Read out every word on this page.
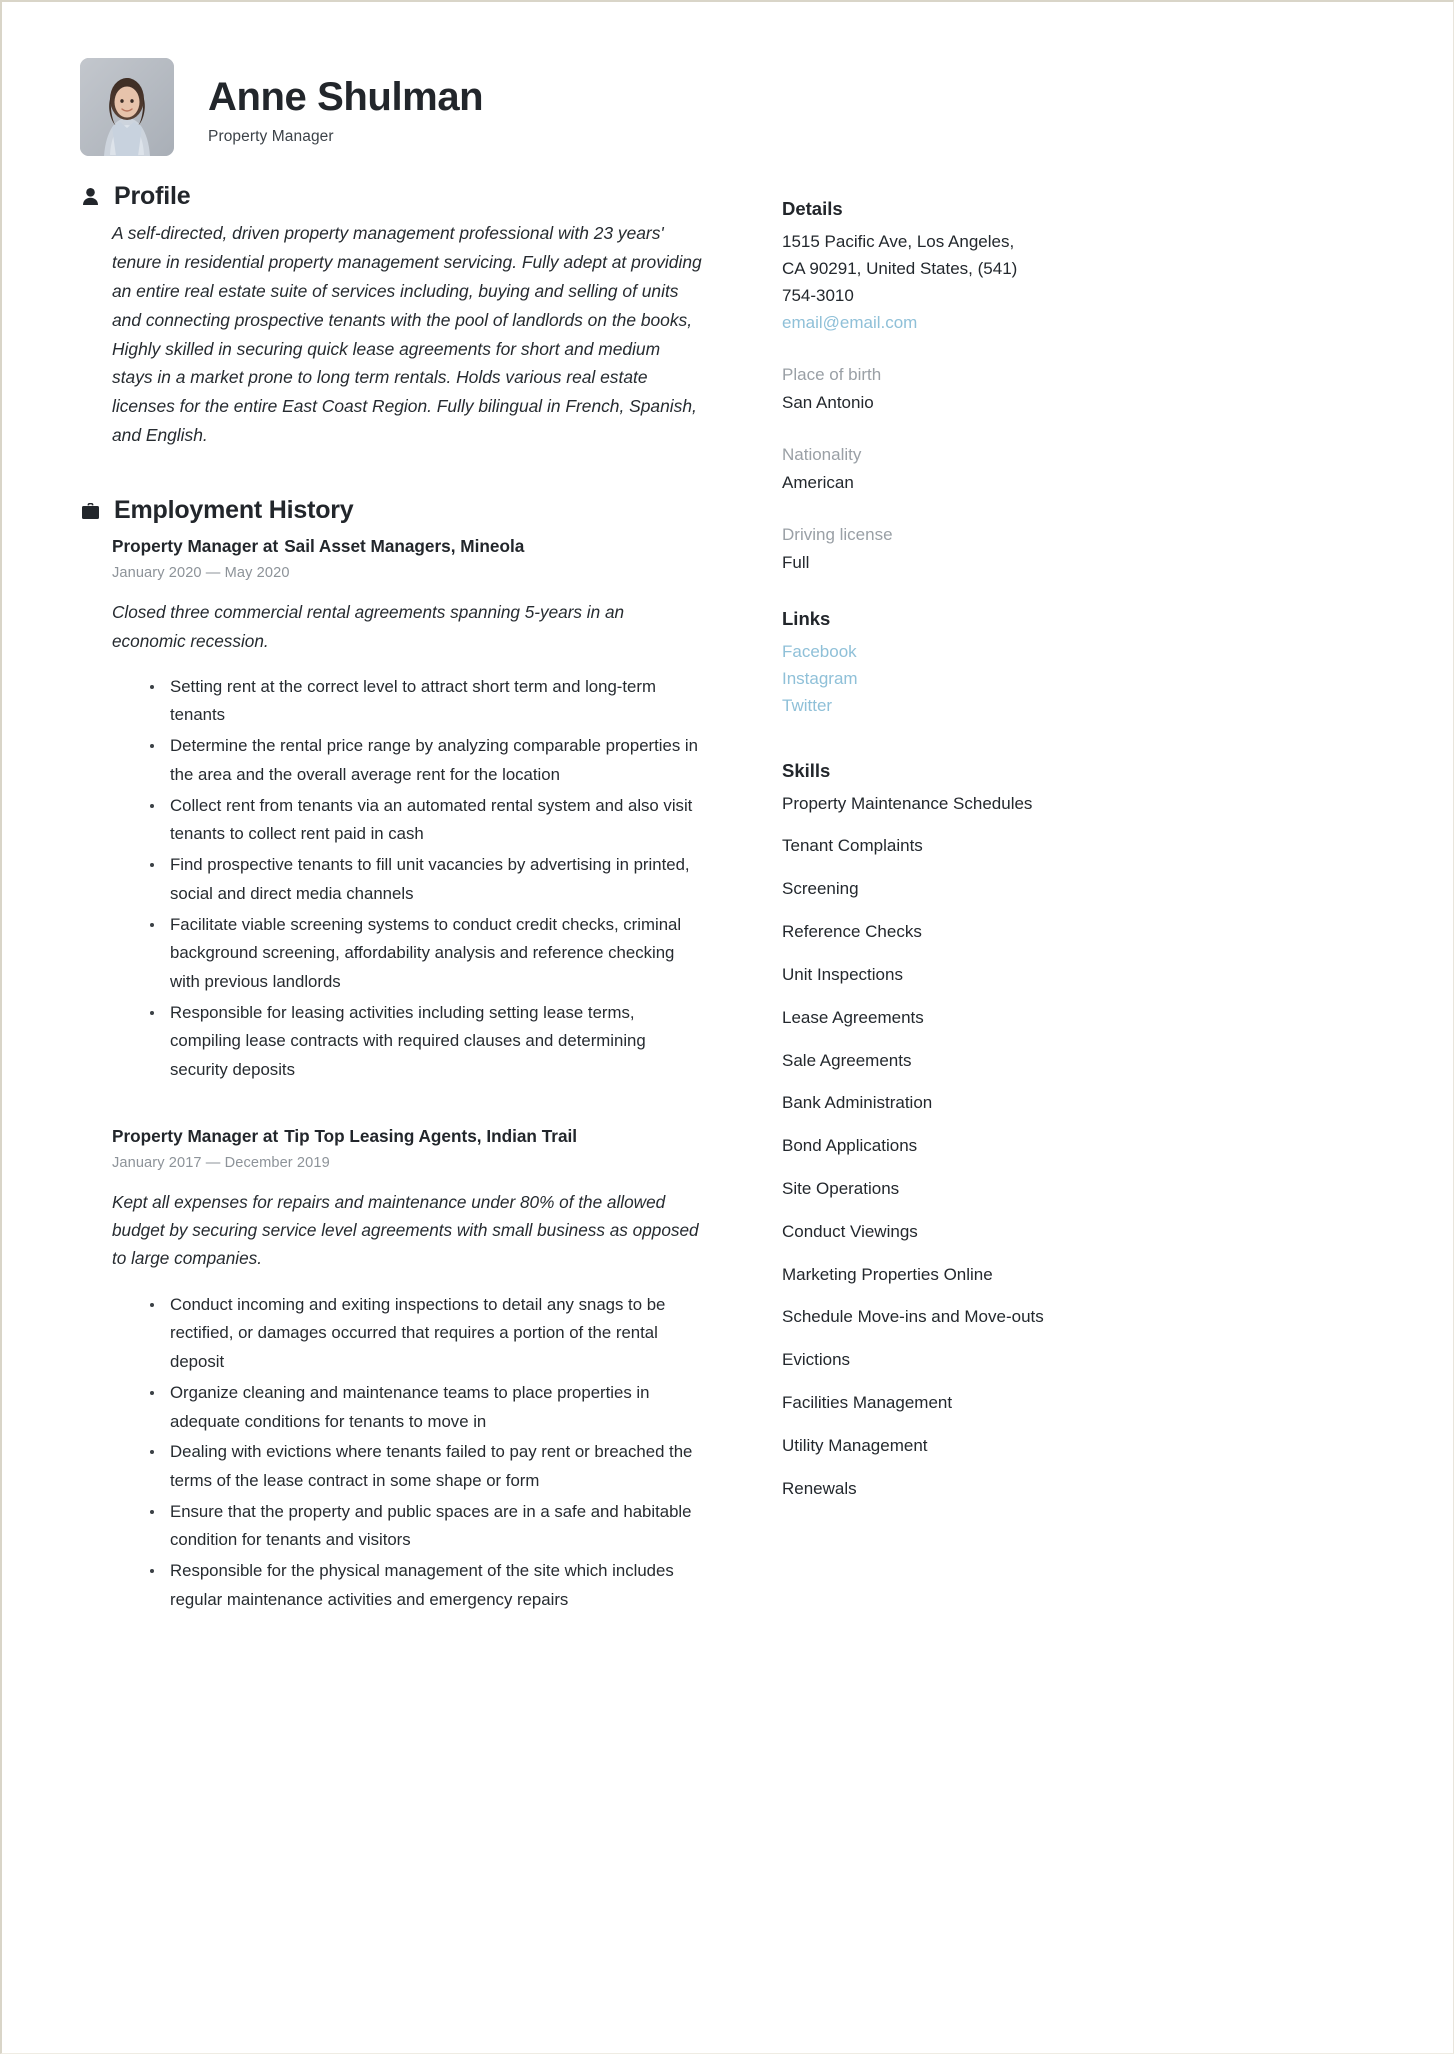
Anne Shulman
Property Manager
Profile
A self-directed, driven property management professional with 23 years' tenure in residential property management servicing. Fully adept at providing an entire real estate suite of services including, buying and selling of units and connecting prospective tenants with the pool of landlords on the books, Highly skilled in securing quick lease agreements for short and medium stays in a market prone to long term rentals. Holds various real estate licenses for the entire East Coast Region. Fully bilingual in French, Spanish, and English.
Employment History
Property Manager at Sail Asset Managers, Mineola
January 2020 — May 2020
Closed three commercial rental agreements spanning 5-years in an economic recession.
Setting rent at the correct level to attract short term and long-term tenants
Determine the rental price range by analyzing comparable properties in the area and the overall average rent for the location
Collect rent from tenants via an automated rental system and also visit tenants to collect rent paid in cash
Find prospective tenants to fill unit vacancies by advertising in printed, social and direct media channels
Facilitate viable screening systems to conduct credit checks, criminal background screening, affordability analysis and reference checking with previous landlords
Responsible for leasing activities including setting lease terms, compiling lease contracts with required clauses and determining security deposits
Property Manager at Tip Top Leasing Agents, Indian Trail
January 2017 — December 2019
Kept all expenses for repairs and maintenance under 80% of the allowed budget by securing service level agreements with small business as opposed to large companies.
Conduct incoming and exiting inspections to detail any snags to be rectified, or damages occurred that requires a portion of the rental deposit
Organize cleaning and maintenance teams to place properties in adequate conditions for tenants to move in
Dealing with evictions where tenants failed to pay rent or breached the terms of the lease contract in some shape or form
Ensure that the property and public spaces are in a safe and habitable condition for tenants and visitors
Responsible for the physical management of the site which includes regular maintenance activities and emergency repairs
Details
1515 Pacific Ave, Los Angeles,
CA 90291, United States, (541)
754-3010
email@email.com
Place of birth
San Antonio
Nationality
American
Driving license
Full
Links
Facebook
Instagram
Twitter
Skills
Property Maintenance Schedules
Tenant Complaints
Screening
Reference Checks
Unit Inspections
Lease Agreements
Sale Agreements
Bank Administration
Bond Applications
Site Operations
Conduct Viewings
Marketing Properties Online
Schedule Move-ins and Move-outs
Evictions
Facilities Management
Utility Management
Renewals
